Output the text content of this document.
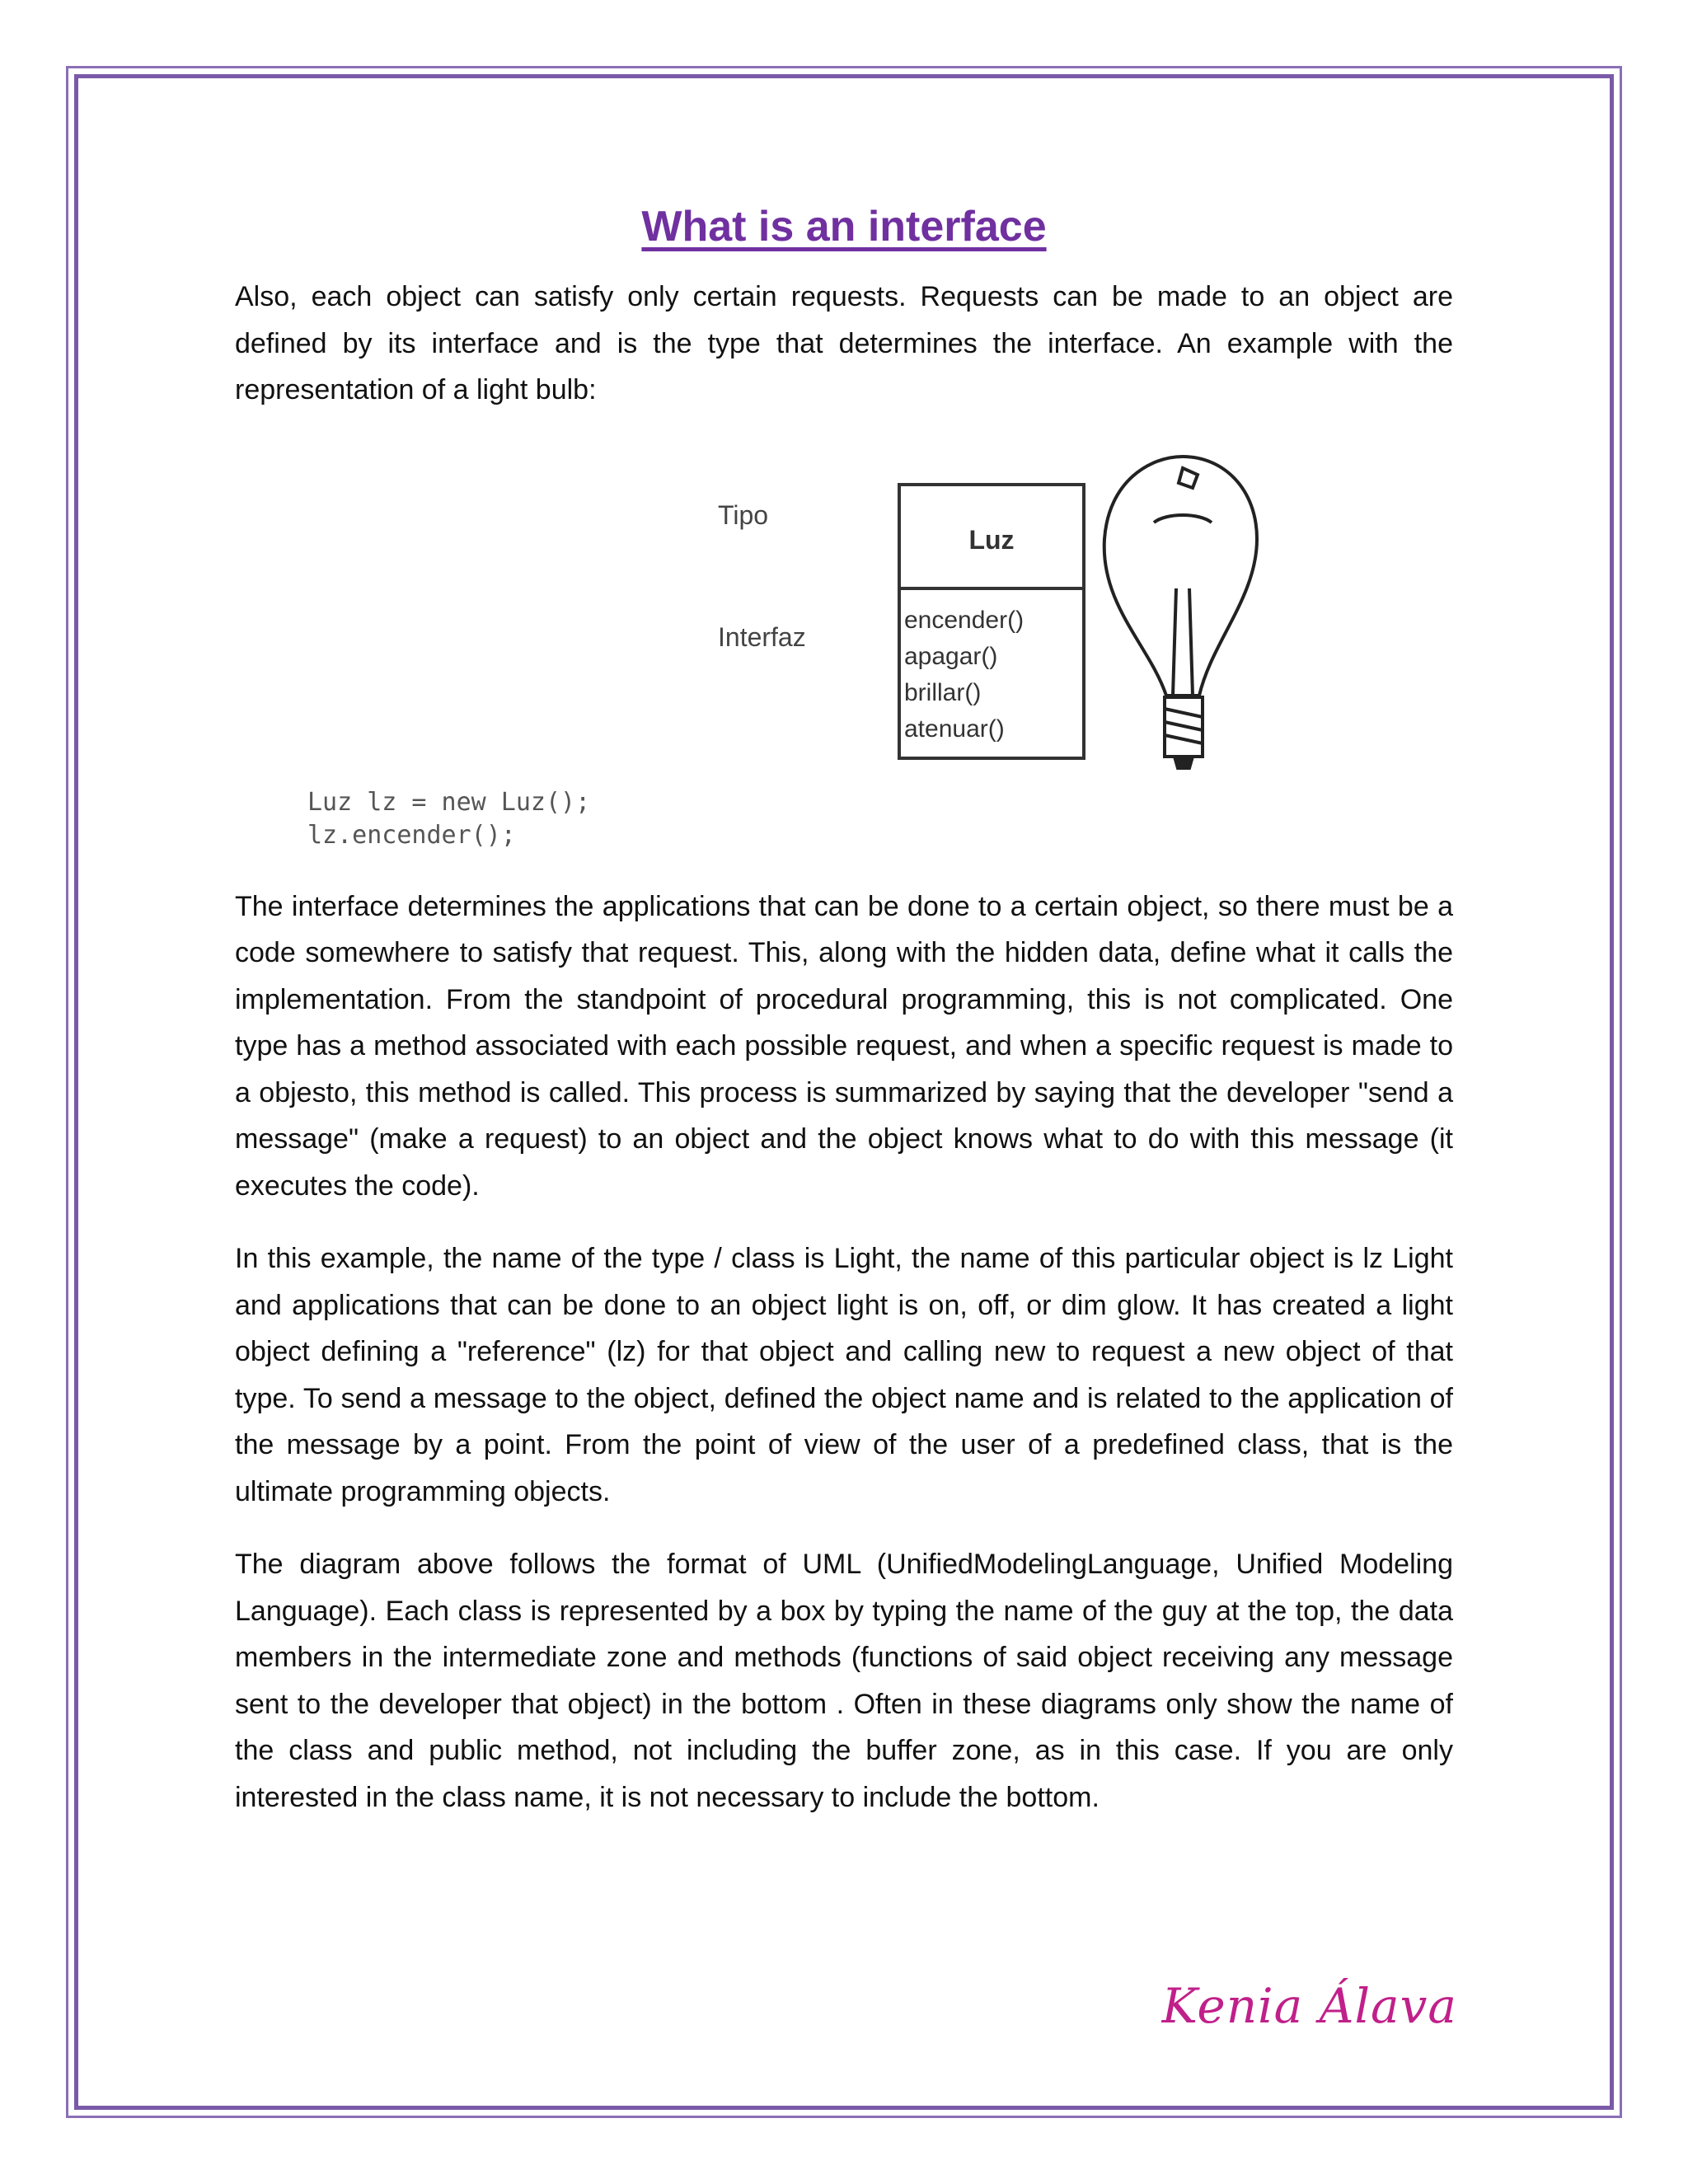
What is an interface

Also, each object can satisfy only certain requests. Requests can be made to an object are defined by its interface and is the type that determines the interface. An example with the representation of a light bulb:

Tipo
Interfaz
Luz
encender()
apagar()
brillar()
atenuar()
Luz lz = new Luz();
lz.encender();

The interface determines the applications that can be done to a certain object, so there must be a code somewhere to satisfy that request. This, along with the hidden data, define what it calls the implementation. From the standpoint of procedural programming, this is not complicated. One type has a method associated with each possible request, and when a specific request is made to a objesto, this method is called. This process is summarized by saying that the developer "send a message" (make a request) to an object and the object knows what to do with this message (it executes the code).

In this example, the name of the type / class is Light, the name of this particular object is lz Light and applications that can be done to an object light is on, off, or dim glow. It has created a light object defining a "reference" (lz) for that object and calling new to request a new object of that type. To send a message to the object, defined the object name and is related to the application of the message by a point. From the point of view of the user of a predefined class, that is the ultimate programming objects.

The diagram above follows the format of UML (UnifiedModelingLanguage, Unified Modeling Language). Each class is represented by a box by typing the name of the guy at the top, the data members in the intermediate zone and methods (functions of said object receiving any message sent to the developer that object) in the bottom . Often in these diagrams only show the name of the class and public method, not including the buffer zone, as in this case. If you are only interested in the class name, it is not necessary to include the bottom.

Kenia Álava
